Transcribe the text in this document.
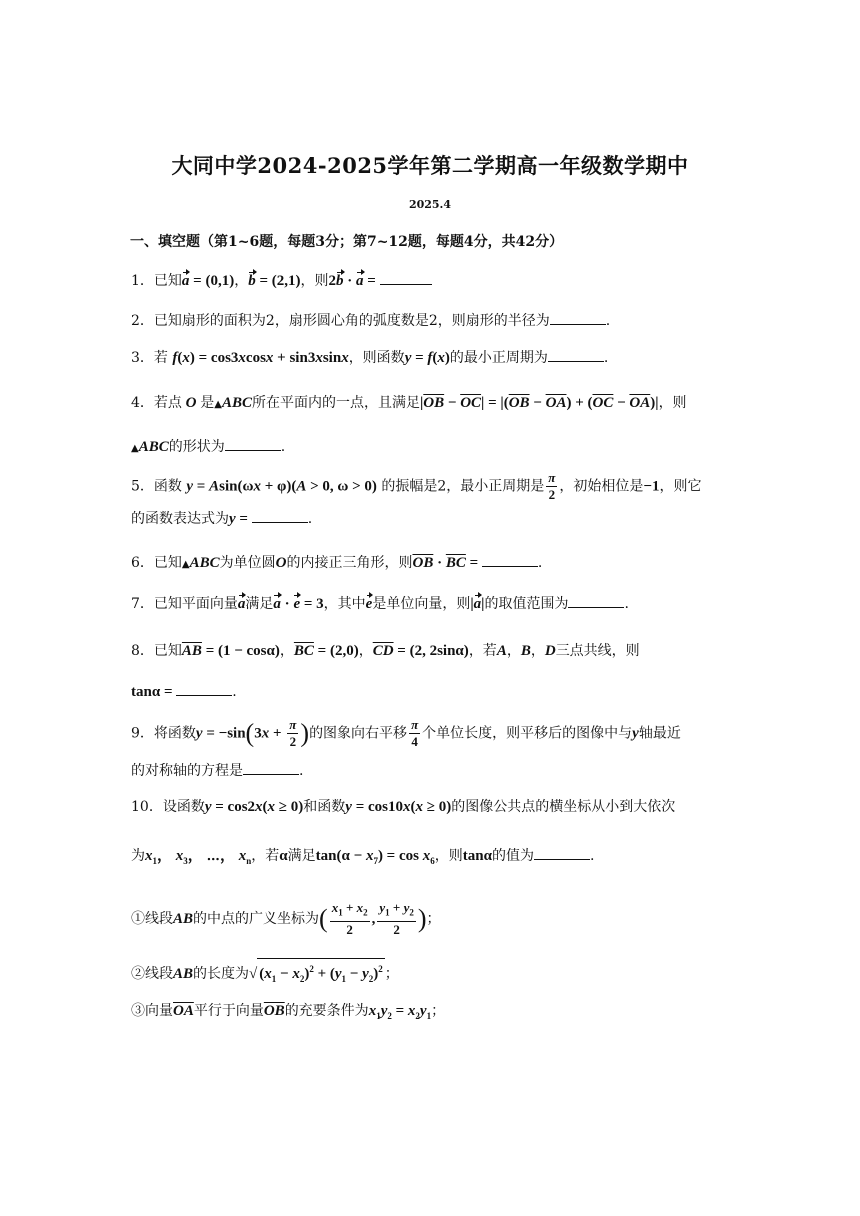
大同中学2024-2025学年第二学期高一年级数学期中
2025.4
一、填空题（第1~6题，每题3分；第7~12题，每题4分，共42分）
1．已知a = (0,1)，b = (2,1)，则2b · a =
2．已知扇形的面积为2，扇形圆心角的弧度数是2，则扇形的半径为	.
3．若 f(x) = cos3xcosx + sin3xsinx，则函数y = f(x)的最小正周期为	.
4．若点 O 是▲ABC所在平面内的一点，且满足$|\overline{OB} - \overline{OC}| = |(\overline{OB} - \overline{OA}) + (\overline{OC} - \overline{OA})|$，则
▲ABC的形状为	.
5．函数 y = Asin(ωx + φ)(A > 0, ω > 0) 的振幅是2，最小正周期是 $\frac{\pi}{2}$ ，初始相位是−1，则它
的函数表达式为y =	.
6．已知▲ABC为单位圆O的内接正三角形，则$\overline{OB} \cdot \overline{BC}$ =	.
7．已知平面向量a满足a · e = 3，其中e是单位向量，则|a|的取值范围为	.
8．已知$\overline{AB} = (1 - \cos\alpha)$，$\overline{BC} = (2,0)$，$\overline{CD} = (2$, 2sinα)，若A，B，D三点共线，则
tanα =	.
9．将函数$y = -\sin(3x + \frac{\pi}{2}$ )的图象向右平移 $\frac{\pi}{4}$ 个单位长度，则平移后的图像中与y轴最近
的对称轴的方程是	.
10．设函数y = cos2x(x ≥ 0)和函数y = cos10x(x ≥ 0)的图像公共点的横坐标从小到大依次
为$x_1$， $x_3$， ⋯， $x_n$，若α满足$\tan(\alpha - x_7) = \cos x_6$，则tanα的值为	.
①线段AB的中点的广义坐标为( $\frac{x_1 + x_2}{2}$ , $\frac{y_1 + y_2}{2}$ )；
②线段AB的长度为√ $(x_1 - x_2)^2 + (y_1 - y_2)^2$ ；
③向量$\overline{OA}$平行于向量$\overline{OB}$的充要条件为$x_1y_2 = x_2y_1$；
